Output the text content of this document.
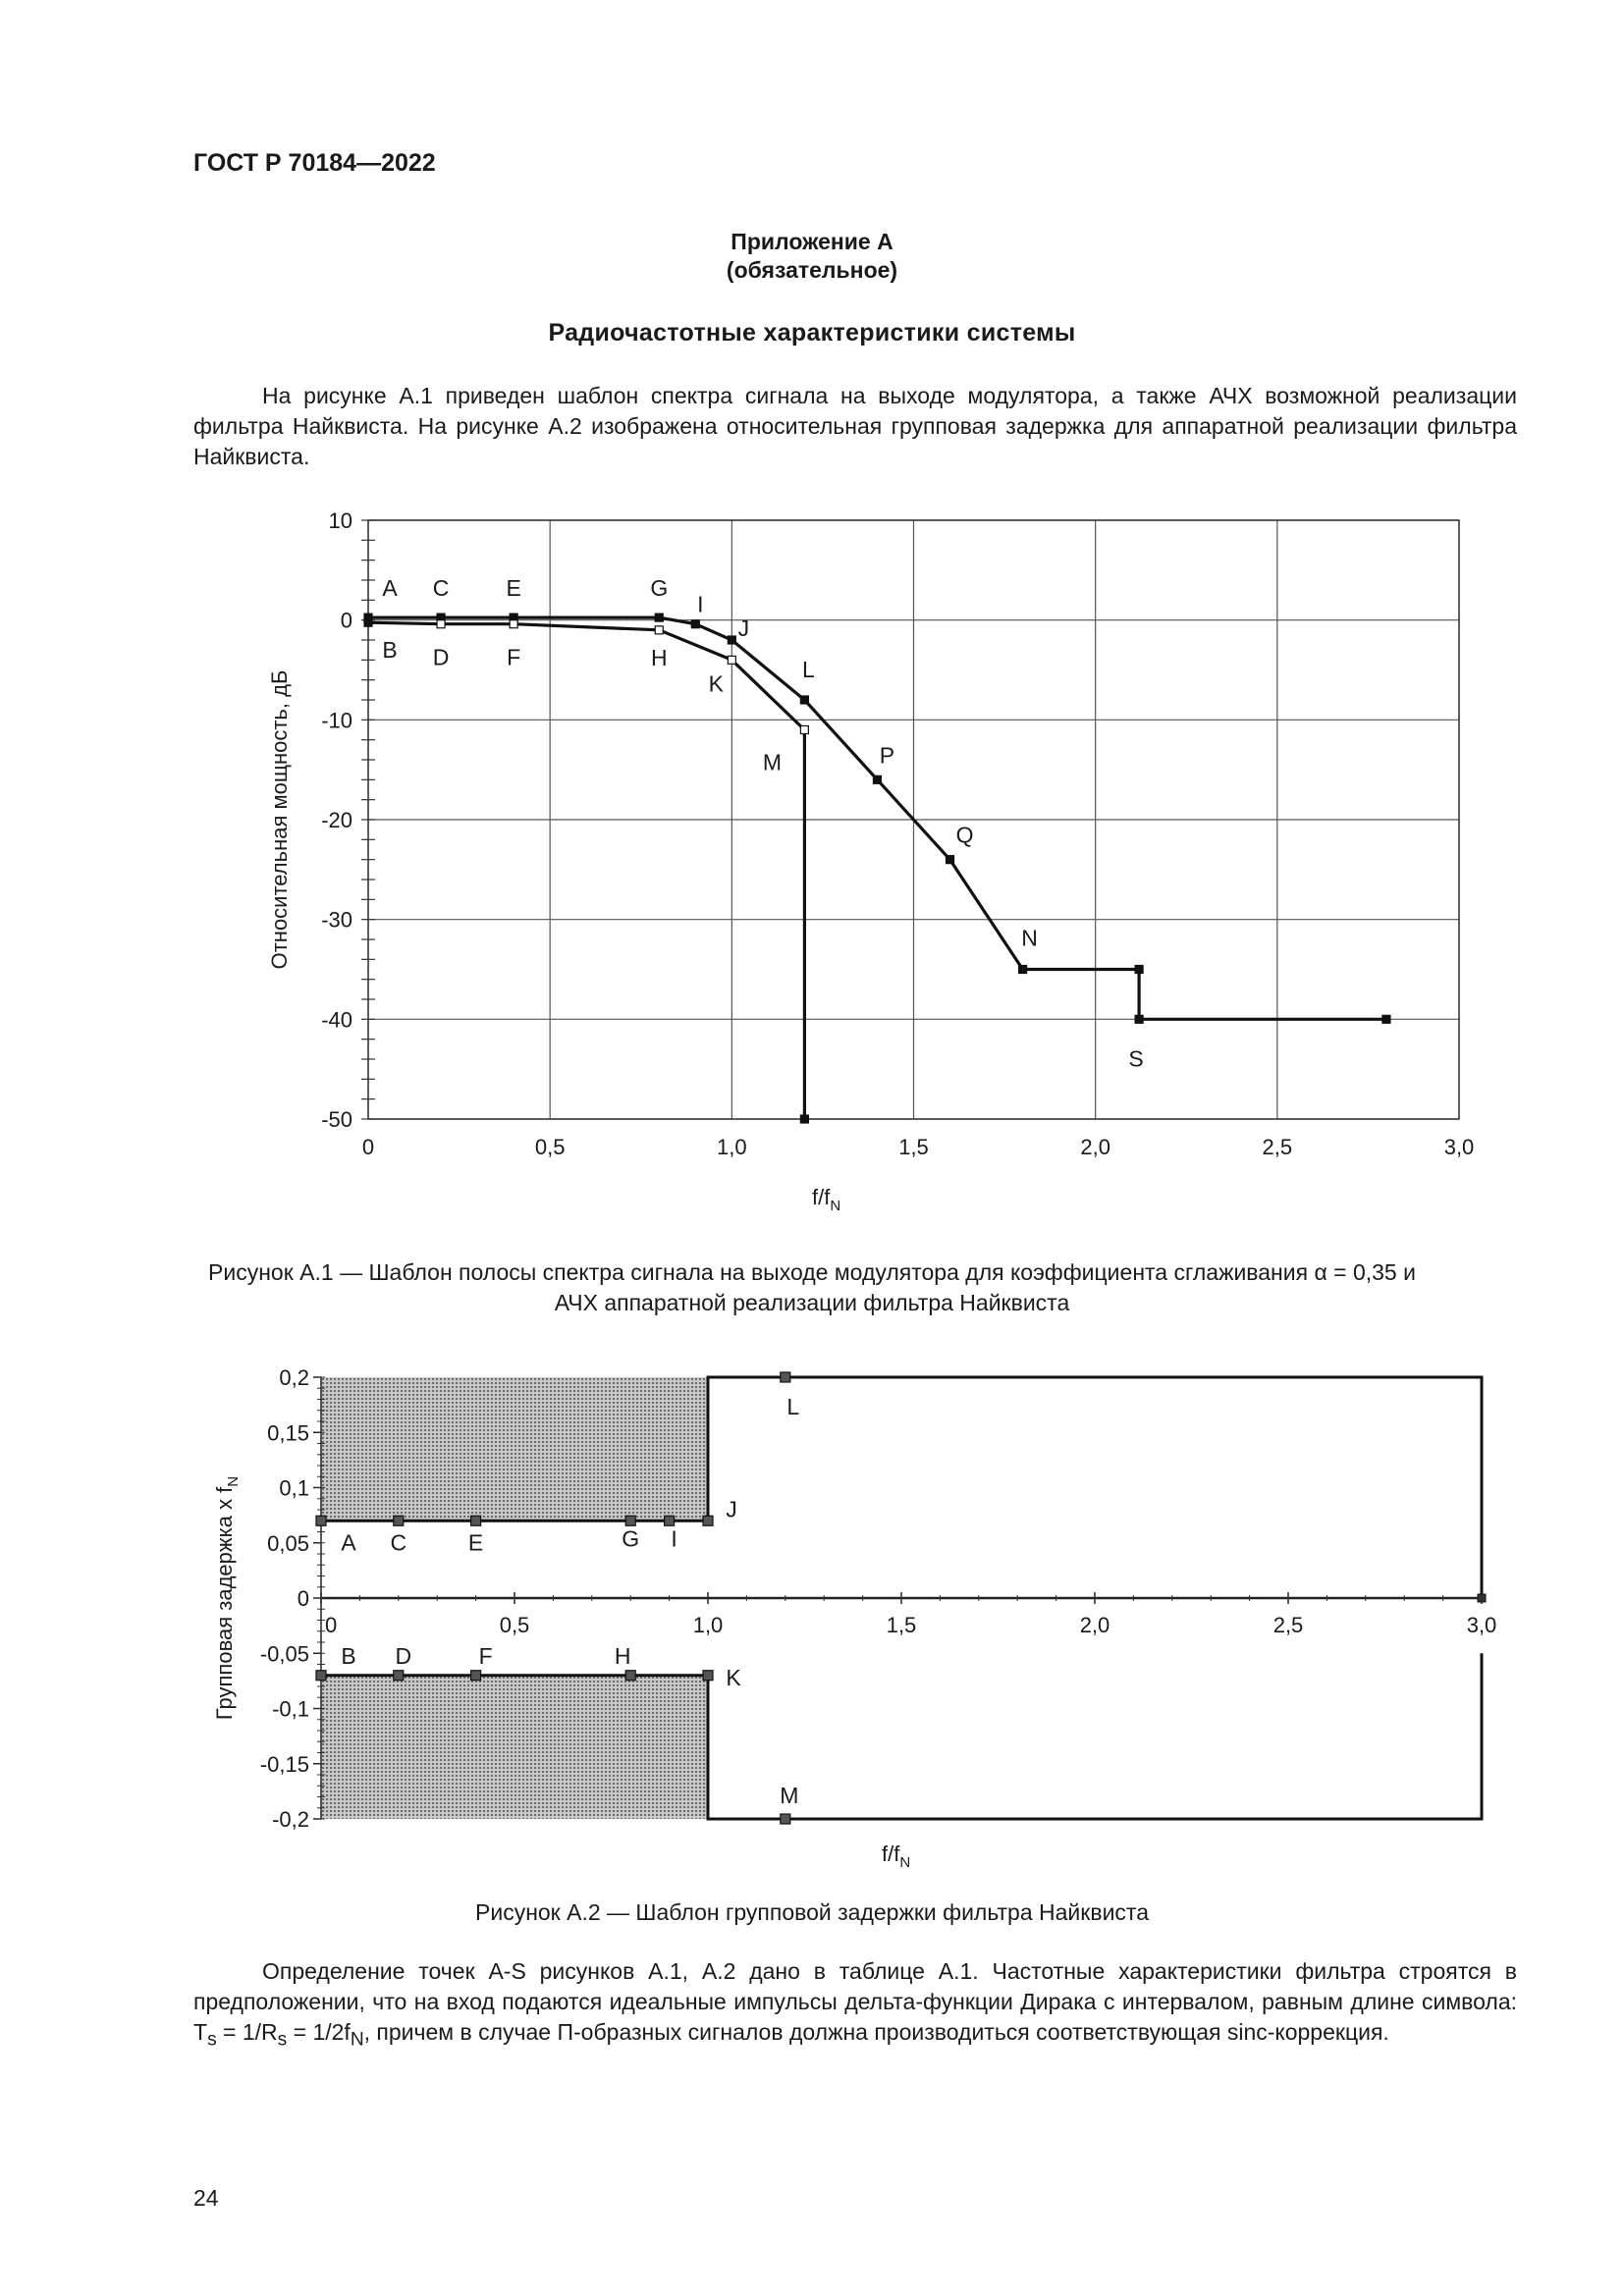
ГОСТ Р 70184—2022
Приложение А
(обязательное)
Радиочастотные характеристики системы

На рисунке А.1 приведен шаблон спектра сигнала на выходе модулятора, а также АЧХ возможной реализации фильтра Найквиста. На рисунке А.2 изображена относительная групповая задержка для аппаратной реализации фильтра Найквиста.

0	0,5	1,0	1,5	2,0	2,5	3,0
10
0
-10
-20
-30
-40
-50
Относительная мощность, дБ
$f/f_N$
A
B
C
D
E
F
G
H
I
J
K
L
M	P
Q
N
S
0,2
0,15
0,1
0,05
0
-0,05
-0,1
-0,15
-0,2
0	0,5	1,0	1,5	2,0	2,5	3,0
A C	E	G I
J
L
B D	F	H
K
M
Групповая задержка x $f_N$
$f/f_N$
Рисунок А.1 — Шаблон полосы спектра сигнала на выходе модулятора для коэффициента сглаживания α = 0,35 и
АЧХ аппаратной реализации фильтра Найквиста
Рисунок А.2 — Шаблон групповой задержки фильтра Найквиста

Определение точек A-S рисунков А.1, А.2 дано в таблице А.1. Частотные характеристики фильтра строятся в предположении, что на вход подаются идеальные импульсы дельта-функции Дирака с интервалом, равным длине символа: $T_s = 1/R_s = 1/2f_N$, причем в случае П-образных сигналов должна производиться соответствующая sinc-коррекция.

24
